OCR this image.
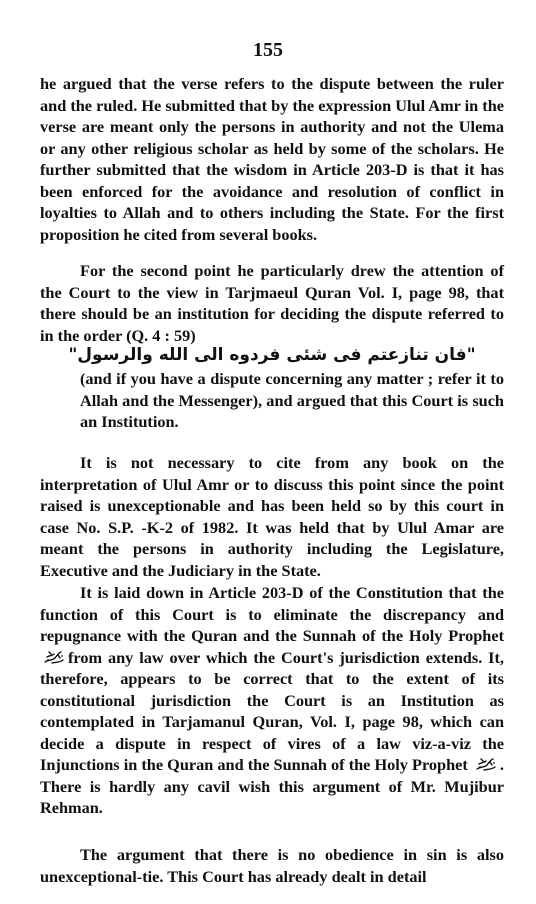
155

he argued that the verse refers to the dispute between the ruler and the ruled. He submitted that by the expression Ulul Amr in the verse are meant only the persons in authority and not the Ulema or any other religious scholar as held by some of the scholars. He further submitted that the wisdom in Article 203-D is that it has been enforced for the avoidance and resolution of conflict in loyalties to Allah and to others including the State. For the first proposition he cited from several books.

For the second point he particularly drew the attention of the Court to the view in Tarjmaeul Quran Vol. I, page 98, that there should be an institution for deciding the dispute referred to in the order (Q. 4 : 59)

"فان تنازعتم فى شئى فردوه الى الله والرسول"

(and if you have a dispute concerning any matter ; refer it to Allah and the Messenger), and argued that this Court is such an Institution.

It is not necessary to cite from any book on the interpretation of Ulul Amr or to discuss this point since the point raised is unexceptionable and has been held so by this court in case No. S.P. -K-2 of 1982. It was held that by Ulul Amar are meant the persons in authority including the Legislature, Executive and the Judiciary in the State.

It is laid down in Article 203-D of the Constitution that the function of this Court is to eliminate the discrepancy and repugnance with the Quran and the Sunnah of the Holy Prophetfrom any law over which the Court's jurisdiction extends. It, therefore, appears to be correct that to the extent of its constitutional jurisdiction the Court is an Institution as contemplated in Tarjamanul Quran, Vol. I, page 98, which can decide a dispute in respect of vires of a law viz-a-viz the Injunctions in the Quran and the Sunnah of the Holy Prophet . There is hardly any cavil wish this argument of Mr. Mujibur Rehman.

The argument that there is no obedience in sin is also unexceptional-tie. This Court has already dealt in detail
